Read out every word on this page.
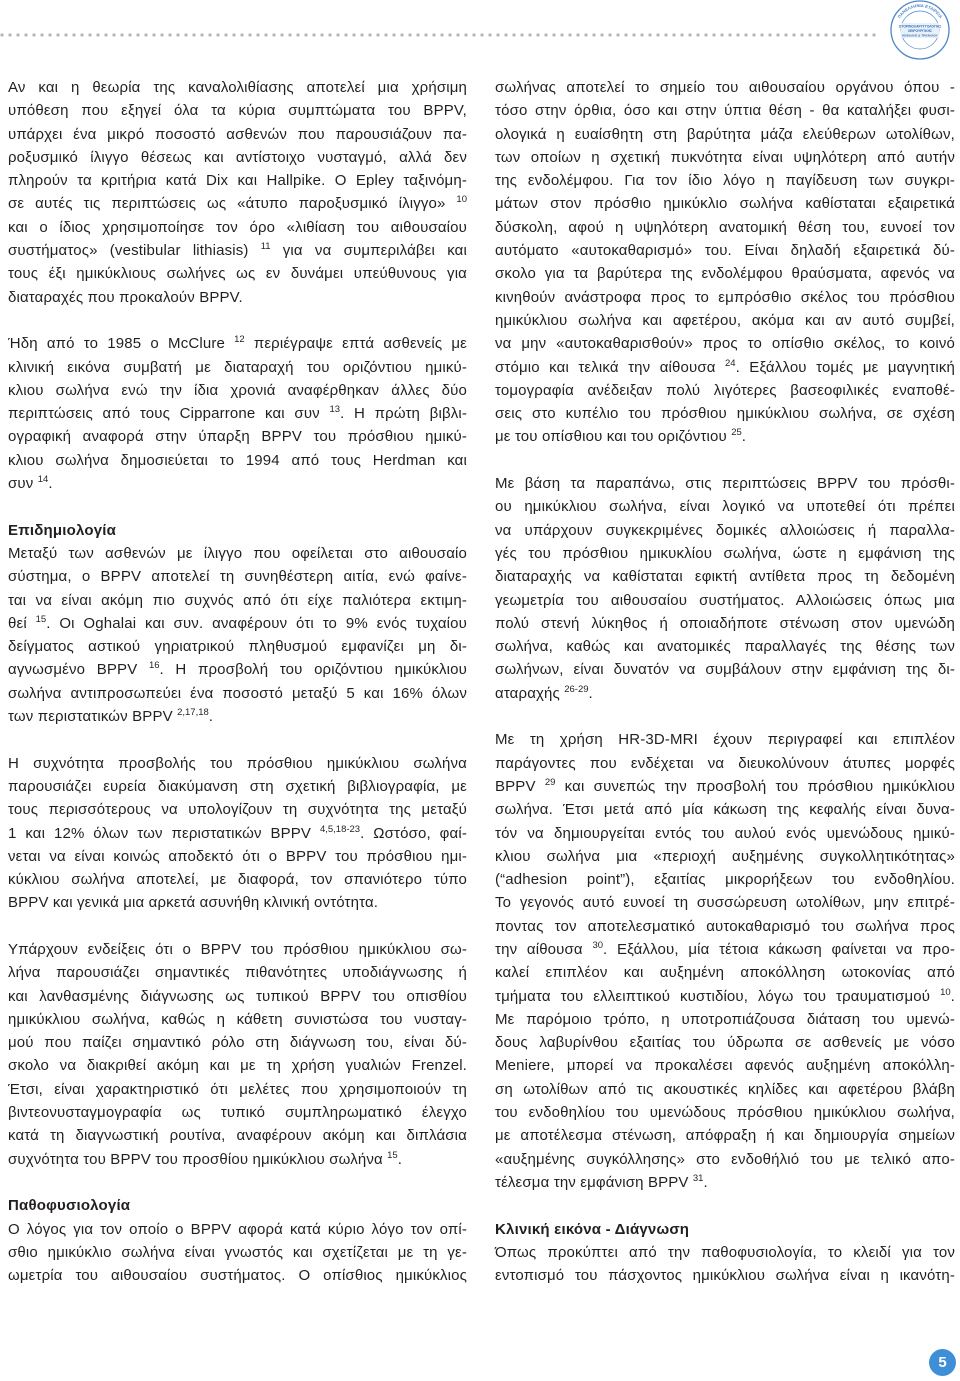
ΠΑΝΕΛΛΗΝΙΑ ΕΤΑΙΡΕΙΑ
ΩΤΟΡΙΝΟΛΑΡΥΓΓΟΛΟΓΙΑΣ
ΧΕΙΡΟΥΡΓΙΚΗΣ
ΚΕΦΑΛΗΣ & ΤΡΑΧΗΛΟΥ
Αν και η θεωρία της καναλολιθίασης αποτελεί μια χρήσιμη
υπόθεση που εξηγεί όλα τα κύρια συμπτώματα του BPPV,
υπάρχει ένα μικρό ποσοστό ασθενών που παρουσιάζουν πα-
ροξυσμικό ίλιγγο θέσεως και αντίστοιχο νυσταγμό, αλλά δεν
πληρούν τα κριτήρια κατά Dix και Hallpike. Ο Epley ταξινόμη-
σε αυτές τις περιπτώσεις ως «άτυπο παροξυσμικό ίλιγγο» $^{10}$
και ο ίδιος χρησιμοποίησε τον όρο «λιθίαση του αιθουσαίου
συστήματος» (vestibular lithiasis) $^{11}$ για να συμπεριλάβει και
τους έξι ημικύκλιους σωλήνες ως εν δυνάμει υπεύθυνους για
διαταραχές που προκαλούν BPPV.
Ήδη από το 1985 ο McClure $^{12}$ περιέγραψε επτά ασθενείς με
κλινική εικόνα συμβατή με διαταραχή του οριζόντιου ημικύ-
κλιου σωλήνα ενώ την ίδια χρονιά αναφέρθηκαν άλλες δύο
περιπτώσεις από τους Cipparrone και συν $^{13}$. Η πρώτη βιβλι-
ογραφική αναφορά στην ύπαρξη BPPV του πρόσθιου ημικύ-
κλιου σωλήνα δημοσιεύεται το 1994 από τους Herdman και
συν $^{14}$.
Επιδημιολογία
Μεταξύ των ασθενών με ίλιγγο που οφείλεται στο αιθουσαίο
σύστημα, ο BPPV αποτελεί τη συνηθέστερη αιτία, ενώ φαίνε-
ται να είναι ακόμη πιο συχνός από ότι είχε παλιότερα εκτιμη-
θεί $^{15}$. Οι Oghalai και συν. αναφέρουν ότι το 9% ενός τυχαίου
δείγματος αστικού γηριατρικού πληθυσμού εμφανίζει μη δι-
αγνωσμένο BPPV $^{16}$. Η προσβολή του οριζόντιου ημικύκλιου
σωλήνα αντιπροσωπεύει ένα ποσοστό μεταξύ 5 και 16% όλων
των περιστατικών BPPV $^{2,17,18}$.
Η συχνότητα προσβολής του πρόσθιου ημικύκλιου σωλήνα
παρουσιάζει ευρεία διακύμανση στη σχετική βιβλιογραφία, με
τους περισσότερους να υπολογίζουν τη συχνότητα της μεταξύ
1 και 12% όλων των περιστατικών BPPV $^{4,5,18-23}$. Ωστόσο, φαί-
νεται να είναι κοινώς αποδεκτό ότι ο BPPV του πρόσθιου ημι-
κύκλιου σωλήνα αποτελεί, με διαφορά, τον σπανιότερο τύπο
BPPV και γενικά μια αρκετά ασυνήθη κλινική οντότητα.
Υπάρχουν ενδείξεις ότι ο BPPV του πρόσθιου ημικύκλιου σω-
λήνα παρουσιάζει σημαντικές πιθανότητες υποδιάγνωσης ή
και λανθασμένης διάγνωσης ως τυπικού BPPV του οπισθίου
ημικύκλιου σωλήνα, καθώς η κάθετη συνιστώσα του νυσταγ-
μού που παίζει σημαντικό ρόλο στη διάγνωση του, είναι δύ-
σκολο να διακριθεί ακόμη και με τη χρήση γυαλιών Frenzel.
Έτσι, είναι χαρακτηριστικό ότι μελέτες που χρησιμοποιούν τη
βιντεονυσταγμογραφία ως τυπικό συμπληρωματικό έλεγχο
κατά τη διαγνωστική ρουτίνα, αναφέρουν ακόμη και διπλάσια
συχνότητα του BPPV του προσθίου ημικύκλιου σωλήνα $^{15}$.
Παθοφυσιολογία
Ο λόγος για τον οποίο ο BPPV αφορά κατά κύριο λόγο τον οπί-
σθιο ημικύκλιο σωλήνα είναι γνωστός και σχετίζεται με τη γε-
ωμετρία του αιθουσαίου συστήματος. Ο οπίσθιος ημικύκλιος
σωλήνας αποτελεί το σημείο του αιθουσαίου οργάνου όπου -
τόσο στην όρθια, όσο και στην ύπτια θέση - θα καταλήξει φυσι-
ολογικά η ευαίσθητη στη βαρύτητα μάζα ελεύθερων ωτολίθων,
των οποίων η σχετική πυκνότητα είναι υψηλότερη από αυτήν
της ενδολέμφου. Για τον ίδιο λόγο η παγίδευση των συγκρι-
μάτων στον πρόσθιο ημικύκλιο σωλήνα καθίσταται εξαιρετικά
δύσκολη, αφού η υψηλότερη ανατομική θέση του, ευνοεί τον
αυτόματο «αυτοκαθαρισμό» του. Είναι δηλαδή εξαιρετικά δύ-
σκολο για τα βαρύτερα της ενδολέμφου θραύσματα, αφενός να
κινηθούν ανάστροφα προς το εμπρόσθιο σκέλος του πρόσθιου
ημικύκλιου σωλήνα και αφετέρου, ακόμα και αν αυτό συμβεί,
να μην «αυτοκαθαρισθούν» προς το οπίσθιο σκέλος, το κοινό
στόμιο και τελικά την αίθουσα $^{24}$. Εξάλλου τομές με μαγνητική
τομογραφία ανέδειξαν πολύ λιγότερες βασεοφιλικές εναποθέ-
σεις στο κυπέλιο του πρόσθιου ημικύκλιου σωλήνα, σε σχέση
με του οπίσθιου και του οριζόντιου $^{25}$.
Με βάση τα παραπάνω, στις περιπτώσεις BPPV του πρόσθι-
ου ημικύκλιου σωλήνα, είναι λογικό να υποτεθεί ότι πρέπει
να υπάρχουν συγκεκριμένες δομικές αλλοιώσεις ή παραλλα-
γές του πρόσθιου ημικυκλίου σωλήνα, ώστε η εμφάνιση της
διαταραχής να καθίσταται εφικτή αντίθετα προς τη δεδομένη
γεωμετρία του αιθουσαίου συστήματος. Αλλοιώσεις όπως μια
πολύ στενή λύκηθος ή οποιαδήποτε στένωση στον υμενώδη
σωλήνα, καθώς και ανατομικές παραλλαγές της θέσης των
σωλήνων, είναι δυνατόν να συμβάλουν στην εμφάνιση της δι-
αταραχής $^{26-29}$.
Με τη χρήση HR-3D-MRI έχουν περιγραφεί και επιπλέον
παράγοντες που ενδέχεται να διευκολύνουν άτυπες μορφές
BPPV $^{29}$ και συνεπώς την προσβολή του πρόσθιου ημικύκλιου
σωλήνα. Έτσι μετά από μία κάκωση της κεφαλής είναι δυνα-
τόν να δημιουργείται εντός του αυλού ενός υμενώδους ημικύ-
κλιου σωλήνα μια «περιοχή αυξημένης συγκολλητικότητας»
(“adhesion point”), εξαιτίας μικρορήξεων του ενδοθηλίου.
Το γεγονός αυτό ευνοεί τη συσσώρευση ωτολίθων, μην επιτρέ-
ποντας τον αποτελεσματικό αυτοκαθαρισμό του σωλήνα προς
την αίθουσα $^{30}$. Εξάλλου, μία τέτοια κάκωση φαίνεται να προ-
καλεί επιπλέον και αυξημένη αποκόλληση ωτοκονίας από
τμήματα του ελλειπτικού κυστιδίου, λόγω του τραυματισμού $^{10}$.
Με παρόμοιο τρόπο, η υποτροπιάζουσα διάταση του υμενώ-
δους λαβυρίνθου εξαιτίας του ύδρωπα σε ασθενείς με νόσο
Meniere, μπορεί να προκαλέσει αφενός αυξημένη αποκόλλη-
ση ωτολίθων από τις ακουστικές κηλίδες και αφετέρου βλάβη
του ενδοθηλίου του υμενώδους πρόσθιου ημικύκλιου σωλήνα,
με αποτέλεσμα στένωση, απόφραξη ή και δημιουργία σημείων
«αυξημένης συγκόλλησης» στο ενδοθήλιό του με τελικό απο-
τέλεσμα την εμφάνιση BPPV $^{31}$.
Κλινική εικόνα - Διάγνωση
Όπως προκύπτει από την παθοφυσιολογία, το κλειδί για τον
εντοπισμό του πάσχοντος ημικύκλιου σωλήνα είναι η ικανότη-
5
